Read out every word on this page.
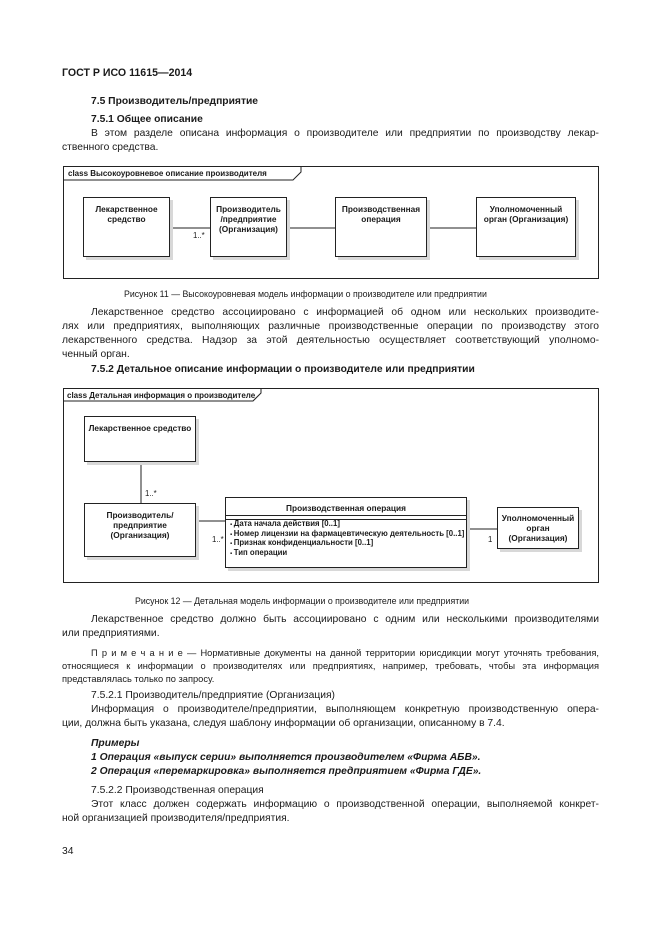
ГОСТ Р ИСО 11615—2014
7.5 Производитель/предприятие
7.5.1 Общее описание
В этом разделе описана информация о производителе или предприятии по производству лекар-
ственного средства.
class Высокоуровневое описание производителя
Лекарственное
средство
Производитель
/предприятие
(Организация)
Производственная
операция
Уполномоченный
орган (Организация)
1..*
Рисунок 11 — Высокоуровневая модель информации о производителе или предприятии
Лекарственное средство ассоциировано с информацией об одном или нескольких производите-
лях или предприятиях, выполняющих различные производственные операции по производству этого
лекарственного средства. Надзор за этой деятельностью осуществляет соответствующий уполномо-
ченный орган.
7.5.2 Детальное описание информации о производителе или предприятии
class Детальная информация о производителе
Лекарственное средство
Производитель/предприятие
(Организация)
Производственная операция
▪ Дата начала действия [0..1]
▪ Номер лицензии на фармацевтическую деятельность [0..1]
▪ Признак конфиденциальности [0..1]
▪ Тип операции
Уполномоченный
орган (Организация)
1..*
1..*	1
Рисунок 12 — Детальная модель информации о производителе или предприятии
Лекарственное средство должно быть ассоциировано с одним или несколькими производителями
или предприятиями.
П р и м е ч а н и е — Нормативные документы на данной территории юрисдикции могут уточнять требования,
относящиеся к информации о производителях или предприятиях, например, требовать, чтобы эта информация
представлялась только по запросу.
7.5.2.1 Производитель/предприятие (Организация)
Информация о производителе/предприятии, выполняющем конкретную производственную опера-
ции, должна быть указана, следуя шаблону информации об организации, описанному в 7.4.
Примеры
1 Операция «выпуск серии» выполняется производителем «Фирма АБВ».
2 Операция «перемаркировка» выполняется предприятием «Фирма ГДЕ».
7.5.2.2 Производственная операция
Этот класс должен содержать информацию о производственной операции, выполняемой конкрет-
ной организацией производителя/предприятия.
34
